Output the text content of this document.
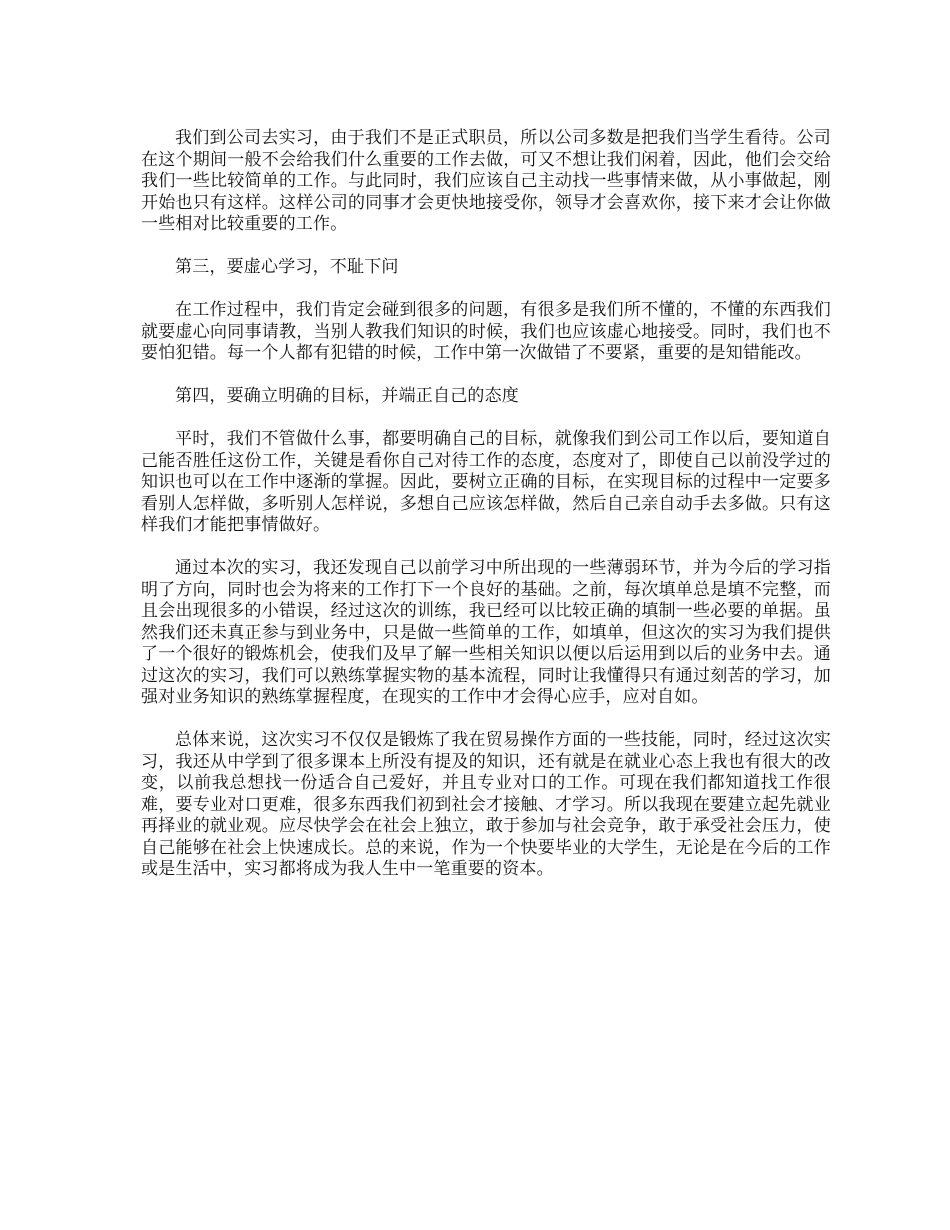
我们到公司去实习，由于我们不是正式职员，所以公司多数是把我们当学生看待。公司在这个期间一般不会给我们什么重要的工作去做，可又不想让我们闲着，因此，他们会交给我们一些比较简单的工作。与此同时，我们应该自己主动找一些事情来做，从小事做起，刚开始也只有这样。这样公司的同事才会更快地接受你，领导才会喜欢你，接下来才会让你做一些相对比较重要的工作。

第三，要虚心学习，不耻下问

在工作过程中，我们肯定会碰到很多的问题，有很多是我们所不懂的，不懂的东西我们就要虚心向同事请教，当别人教我们知识的时候，我们也应该虚心地接受。同时，我们也不要怕犯错。每一个人都有犯错的时候，工作中第一次做错了不要紧，重要的是知错能改。

第四，要确立明确的目标，并端正自己的态度

平时，我们不管做什么事，都要明确自己的目标，就像我们到公司工作以后，要知道自己能否胜任这份工作，关键是看你自己对待工作的态度，态度对了，即使自己以前没学过的知识也可以在工作中逐渐的掌握。因此，要树立正确的目标，在实现目标的过程中一定要多看别人怎样做，多听别人怎样说，多想自己应该怎样做，然后自己亲自动手去多做。只有这样我们才能把事情做好。

通过本次的实习，我还发现自己以前学习中所出现的一些薄弱环节，并为今后的学习指明了方向，同时也会为将来的工作打下一个良好的基础。之前，每次填单总是填不完整，而且会出现很多的小错误，经过这次的训练，我已经可以比较正确的填制一些必要的单据。虽然我们还未真正参与到业务中，只是做一些简单的工作，如填单，但这次的实习为我们提供了一个很好的锻炼机会，使我们及早了解一些相关知识以便以后运用到以后的业务中去。通过这次的实习，我们可以熟练掌握实物的基本流程，同时让我懂得只有通过刻苦的学习，加强对业务知识的熟练掌握程度，在现实的工作中才会得心应手，应对自如。

总体来说，这次实习不仅仅是锻炼了我在贸易操作方面的一些技能，同时，经过这次实习，我还从中学到了很多课本上所没有提及的知识，还有就是在就业心态上我也有很大的改变，以前我总想找一份适合自己爱好，并且专业对口的工作。可现在我们都知道找工作很难，要专业对口更难，很多东西我们初到社会才接触、才学习。所以我现在要建立起先就业再择业的就业观。应尽快学会在社会上独立，敢于参加与社会竞争，敢于承受社会压力，使自己能够在社会上快速成长。总的来说，作为一个快要毕业的大学生，无论是在今后的工作或是生活中，实习都将成为我人生中一笔重要的资本。
